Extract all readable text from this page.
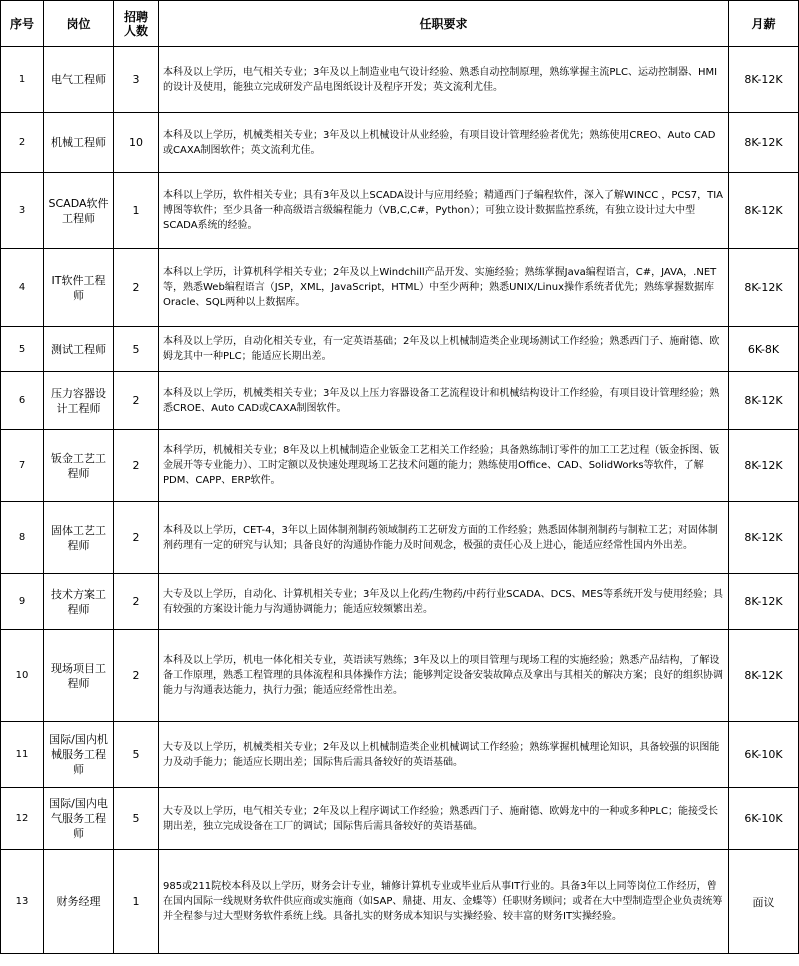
序号	岗位	招聘人数	任职要求	月薪
1	电气工程师	3	本科及以上学历，电气相关专业；3年及以上制造业电气设计经验、熟悉自动控制原理，熟练掌握主流PLC、运动控制器、HMI的设计及使用，能独立完成研发产品电图纸设计及程序开发；英文流利尤佳。	8K-12K
2	机械工程师	10	本科及以上学历，机械类相关专业；3年及以上机械设计从业经验，有项目设计管理经验者优先；熟练使用CREO、Auto CAD或CAXA制图软件；英文流利尤佳。	8K-12K
3	SCADA软件工程师	1	本科以上学历，软件相关专业；具有3年及以上SCADA设计与应用经验；精通西门子编程软件，深入了解WINCC ，PCS7，TIA博图等软件；至少具备一种高级语言级编程能力（VB,C,C#，Python）；可独立设计数据监控系统，有独立设计过大中型SCADA系统的经验。	8K-12K
4	IT软件工程师	2	本科以上学历，计算机科学相关专业；2年及以上Windchill产品开发、实施经验；熟练掌握Java编程语言，C#，JAVA，.NET等，熟悉Web编程语言（JSP，XML，JavaScript，HTML）中至少两种；熟悉UNIX/Linux操作系统者优先；熟练掌握数据库Oracle、SQL两种以上数据库。	8K-12K
5	测试工程师	5	本科及以上学历，自动化相关专业，有一定英语基础；2年及以上机械制造类企业现场测试工作经验；熟悉西门子、施耐德、欧姆龙其中一种PLC；能适应长期出差。	6K-8K
6	压力容器设计工程师	2	本科及以上学历，机械类相关专业；3年及以上压力容器设备工艺流程设计和机械结构设计工作经验，有项目设计管理经验；熟悉CROE、Auto CAD或CAXA制图软件。	8K-12K
7	钣金工艺工程师	2	本科学历，机械相关专业；8年及以上机械制造企业钣金工艺相关工作经验；具备熟练制订零件的加工工艺过程（钣金拆图、钣金展开等专业能力）、工时定额以及快速处理现场工艺技术问题的能力；熟练使用Office、CAD、SolidWorks等软件，了解PDM、CAPP、ERP软件。	8K-12K
8	固体工艺工程师	2	本科及以上学历，CET-4，3年以上固体制剂制药领域制药工艺研发方面的工作经验；熟悉固体制剂制药与制粒工艺；对固体制剂药理有一定的研究与认知；具备良好的沟通协作能力及时间观念，极强的责任心及上进心，能适应经常性国内外出差。	8K-12K
9	技术方案工程师	2	大专及以上学历，自动化、计算机相关专业；3年及以上化药/生物药/中药行业SCADA、DCS、MES等系统开发与使用经验；具有较强的方案设计能力与沟通协调能力；能适应较频繁出差。	8K-12K
10	现场项目工程师	2	本科及以上学历，机电一体化相关专业，英语读写熟练；3年及以上的项目管理与现场工程的实施经验；熟悉产品结构，了解设备工作原理，熟悉工程管理的具体流程和具体操作方法；能够判定设备安装故障点及拿出与其相关的解决方案；良好的组织协调能力与沟通表达能力，执行力强；能适应经常性出差。	8K-12K
11	国际/国内机械服务工程师	5	大专及以上学历，机械类相关专业；2年及以上机械制造类企业机械调试工作经验；熟练掌握机械理论知识，具备较强的识图能力及动手能力；能适应长期出差；国际售后需具备较好的英语基础。	6K-10K
12	国际/国内电气服务工程师	5	大专及以上学历，电气相关专业；2年及以上程序调试工作经验；熟悉西门子、施耐德、欧姆龙中的一种或多种PLC；能接受长期出差，独立完成设备在工厂的调试；国际售后需具备较好的英语基础。	6K-10K
13	财务经理	1	985或211院校本科及以上学历，财务会计专业，辅修计算机专业或毕业后从事IT行业的。具备3年以上同等岗位工作经历，曾在国内国际一线规财务软件供应商或实施商（如SAP、鼎捷、用友、金蝶等）任职财务顾问；或者在大中型制造型企业负责统筹并全程参与过大型财务软件系统上线。具备扎实的财务成本知识与实操经验、较丰富的财务IT实操经验。	面议
